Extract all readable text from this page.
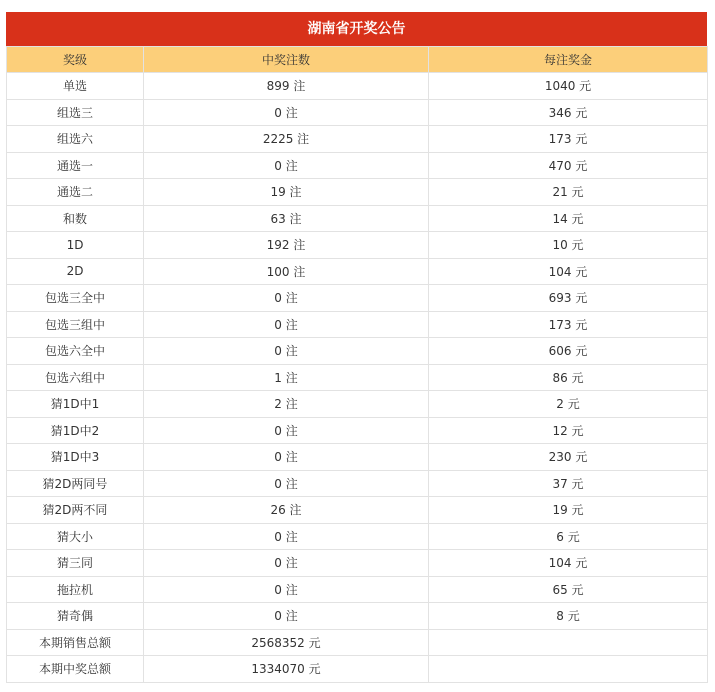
湖南省开奖公告
奖级	中奖注数	每注奖金
单选	899 注	1040 元
组选三	0 注	346 元
组选六	2225 注	173 元
通选一	0 注	470 元
通选二	19 注	21 元
和数	63 注	14 元
1D	192 注	10 元
2D	100 注	104 元
包选三全中	0 注	693 元
包选三组中	0 注	173 元
包选六全中	0 注	606 元
包选六组中	1 注	86 元
猜1D中1	2 注	2 元
猜1D中2	0 注	12 元
猜1D中3	0 注	230 元
猜2D两同号	0 注	37 元
猜2D两不同	26 注	19 元
猜大小	0 注	6 元
猜三同	0 注	104 元
拖拉机	0 注	65 元
猜奇偶	0 注	8 元
本期销售总额	2568352 元	
本期中奖总额	1334070 元	
